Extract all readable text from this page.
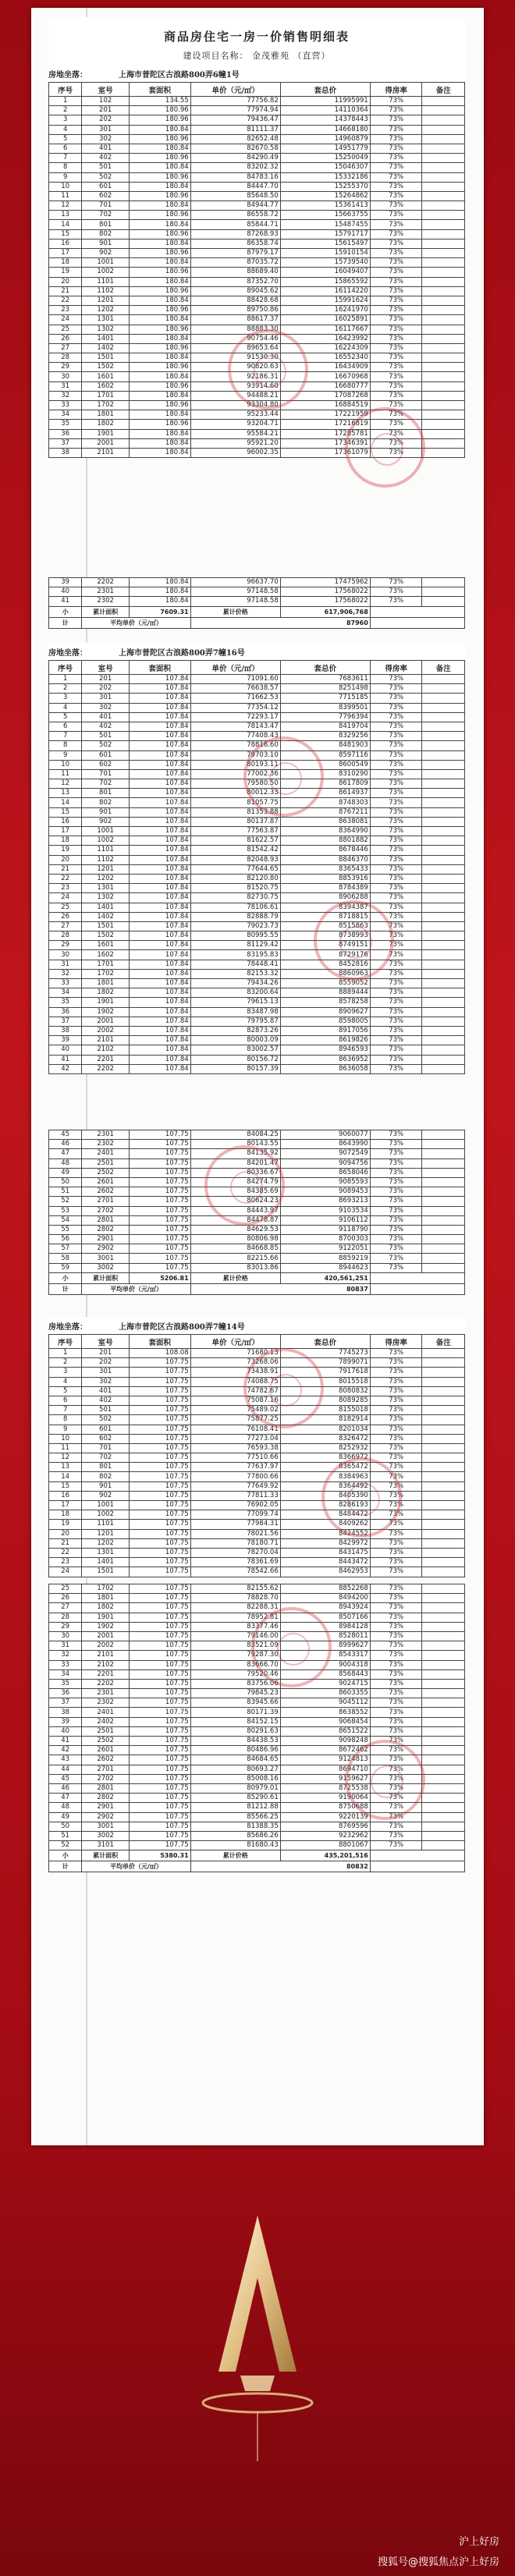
商品房住宅一房一价销售明细表
建设项目名称： 金茂雅苑 （直营）
房地坐落：	上海市普陀区古浪路800弄6幢1号
序号	室号	套面积	单价（元/㎡）	套总价	得房率	备注
1	102	134.55	77756.82	11995991	73%	
2	201	180.96	77974.94	14110364	73%	
3	202	180.96	79436.47	14378443	73%	
4	301	180.84	81111.37	14668180	73%	
5	302	180.96	82652.48	14960879	73%	
6	401	180.84	82670.58	14951779	73%	
7	402	180.96	84290.49	15250049	73%	
8	501	180.84	83202.32	15046307	73%	
9	502	180.96	84783.16	15332186	73%	
10	601	180.84	84447.70	15255370	73%	
11	602	180.96	85648.50	15264862	73%	
12	701	180.84	84944.77	15361413	73%	
13	702	180.96	86558.72	15663755	73%	
14	801	180.84	85844.71	15487455	73%	
15	802	180.96	87268.93	15791717	73%	
16	901	180.84	86358.74	15615497	73%	
17	902	180.96	87979.17	15910154	73%	
18	1001	180.84	87035.72	15739540	73%	
19	1002	180.96	88689.40	16049407	73%	
20	1101	180.84	87352.70	15865592	73%	
21	1102	180.96	89045.62	16114220	73%	
22	1201	180.84	88428.68	15991624	73%	
23	1202	180.96	89750.86	16241970	73%	
24	1301	180.84	88617.37	16025891	73%	
25	1302	180.96	88883.30	16117667	73%	
26	1401	180.84	90754.46	16423992	73%	
27	1402	180.96	89653.64	16224309	73%	
28	1501	180.84	91530.30	16552340	73%	
29	1502	180.96	90820.63	16434909	73%	
30	1601	180.84	92186.31	16670968	73%	
31	1602	180.96	93914.60	16680777	73%	
32	1701	180.84	94488.21	17087268	73%	
33	1702	180.96	93304.80	16884519	73%	
34	1801	180.84	95233.44	17221959	73%	
35	1802	180.96	93204.71	17216819	73%	
36	1901	180.84	95584.21	17285781	73%	
37	2001	180.84	95921.20	17346391	73%	
38	2101	180.84	96002.35	17361079	73%	
39	2202	180.84	96637.70	17475962	73%	
40	2301	180.84	97148.58	17568022	73%	
41	2302	180.84	97148.58	17568022	73%	
小	累计面积	7609.31	累计价格	617,906,768		
计	平均单价（元/㎡）		87960			
房地坐落：	上海市普陀区古浪路800弄7幢16号
序号	室号	套面积	单价（元/㎡）	套总价	得房率	备注
1	201	107.84	71091.60	7683611	73%	
2	202	107.84	76638.57	8251498	73%	
3	301	107.84	71662.53	7715185	73%	
4	302	107.84	77354.12	8399501	73%	
5	401	107.84	72293.17	7796394	73%	
6	402	107.84	78143.47	8419704	73%	
7	501	107.84	77408.43	8329256	73%	
8	502	107.84	78816.60	8481903	73%	
9	601	107.84	79703.10	8597116	73%	
10	602	107.84	80193.11	8600549	73%	
11	701	107.84	77002.36	8310290	73%	
12	702	107.84	79580.50	8617809	73%	
13	801	107.84	80012.33	8614937	73%	
14	802	107.84	81057.75	8748303	73%	
15	901	107.84	81353.88	8767211	73%	
16	902	107.84	80137.87	8638081	73%	
17	1001	107.84	77563.87	8364990	73%	
18	1002	107.84	81622.57	8801882	73%	
19	1101	107.84	81542.42	8678446	73%	
20	1102	107.84	82048.93	8846370	73%	
21	1201	107.84	77644.65	8365433	73%	
22	1202	107.84	82120.80	8853916	73%	
23	1301	107.84	81520.75	8784389	73%	
24	1302	107.84	82730.75	8906288	73%	
25	1401	107.84	78106.61	8394387	73%	
26	1402	107.84	82888.79	8718815	73%	
27	1501	107.84	79023.73	8515863	73%	
28	1502	107.84	80995.55	8738993	73%	
29	1601	107.84	81129.42	8749151	73%	
30	1602	107.84	83195.83	8729176	73%	
31	1701	107.84	78448.41	8452816	73%	
32	1702	107.84	82153.32	8860963	73%	
33	1801	107.84	79434.26	8559052	73%	
34	1802	107.84	83200.64	8889444	73%	
35	1901	107.84	79615.13	8578258	73%	
36	1902	107.84	83487.98	8909627	73%	
37	2001	107.84	79795.87	8598005	73%	
38	2002	107.84	82873.26	8917056	73%	
39	2101	107.84	80003.09	8619826	73%	
40	2102	107.84	83002.57	8946593	73%	
41	2201	107.84	80156.72	8636952	73%	
42	2202	107.84	80157.39	8636058	73%	
45	2301	107.75	84084.25	9060077	73%	
46	2302	107.75	80143.55	8643990	73%	
47	2401	107.75	84135.92	9072549	73%	
48	2501	107.75	84201.47	9094756	73%	
49	2502	107.75	80336.67	8658046	73%	
50	2601	107.75	84274.79	9085593	73%	
51	2602	107.75	84385.69	9089453	73%	
52	2701	107.75	80624.23	8693213	73%	
53	2702	107.75	84443.97	9103534	73%	
54	2801	107.75	84478.87	9106112	73%	
55	2802	107.75	84629.53	9118790	73%	
56	2901	107.75	80806.98	8700303	73%	
57	2902	107.75	84668.85	9122051	73%	
58	3001	107.75	82215.66	8859219	73%	
59	3002	107.75	83013.86	8944623	73%	
小	累计面积	5206.81	累计价格	420,561,251		
计	平均单价（元/㎡）		80837			
房地坐落：	上海市普陀区古浪路800弄7幢14号
序号	室号	套面积	单价（元/㎡）	套总价	得房率	备注
1	201	108.08	71680.13	7745273	73%	
2	202	107.75	73268.06	7899071	73%	
3	301	107.75	73438.91	7917618	73%	
4	302	107.75	74088.75	8015518	73%	
5	401	107.75	74782.67	8080832	73%	
6	402	107.75	75087.16	8089285	73%	
7	501	107.75	75489.02	8155018	73%	
8	502	107.75	75877.25	8182914	73%	
9	601	107.75	76108.41	8201034	73%	
10	602	107.75	77273.04	8326472	73%	
11	701	107.75	76593.38	8252932	73%	
12	702	107.75	77510.66	8366972	73%	
13	801	107.75	77637.97	8365472	73%	
14	802	107.75	77800.66	8384963	73%	
15	901	107.75	77649.92	8364492	73%	
16	902	107.75	77811.33	8405390	73%	
17	1001	107.75	76902.05	8286193	73%	
18	1002	107.75	77099.74	8484472	73%	
19	1101	107.75	77984.31	8409262	73%	
20	1201	107.75	78021.56	8424552	73%	
21	1202	107.75	78180.71	8429972	73%	
22	1301	107.75	78270.04	8431475	73%	
23	1401	107.75	78361.69	8443472	73%	
24	1501	107.75	78542.66	8462953	73%	
25	1702	107.75	82155.62	8852268	73%	
26	1801	107.75	78828.70	8494200	73%	
27	1802	107.75	82288.31	8943924	73%	
28	1901	107.75	78952.81	8507166	73%	
29	1902	107.75	83377.46	8984128	73%	
30	2001	107.75	79146.00	8528011	73%	
31	2002	107.75	83521.09	8999627	73%	
32	2101	107.75	79287.30	8543317	73%	
33	2102	107.75	83666.70	9004318	73%	
34	2201	107.75	79520.46	8568443	73%	
35	2202	107.75	83756.06	9024715	73%	
36	2301	107.75	79845.23	8603355	73%	
37	2302	107.75	83945.66	9045112	73%	
38	2401	107.75	80171.39	8638552	73%	
39	2402	107.75	84152.15	9068454	73%	
40	2501	107.75	80291.63	8651522	73%	
41	2502	107.75	84438.53	9098248	73%	
42	2601	107.75	80486.96	8672462	73%	
43	2602	107.75	84684.65	9124813	73%	
44	2701	107.75	80693.27	8694710	73%	
45	2702	107.75	85008.16	9159627	73%	
46	2801	107.75	80979.01	8725538	73%	
47	2802	107.75	85290.61	9190064	73%	
48	2901	107.75	81212.88	8750688	73%	
49	2902	107.75	85566.25	9220139	73%	
50	3001	107.75	81388.35	8769596	73%	
51	3002	107.75	85686.26	9232962	73%	
52	3101	107.75	81680.43	8801067	73%	
小	累计面积	5380.31	累计价格	435,201,516		
计	平均单价（元/㎡）		80832			
沪上好房
搜狐号@搜狐焦点沪上好房
